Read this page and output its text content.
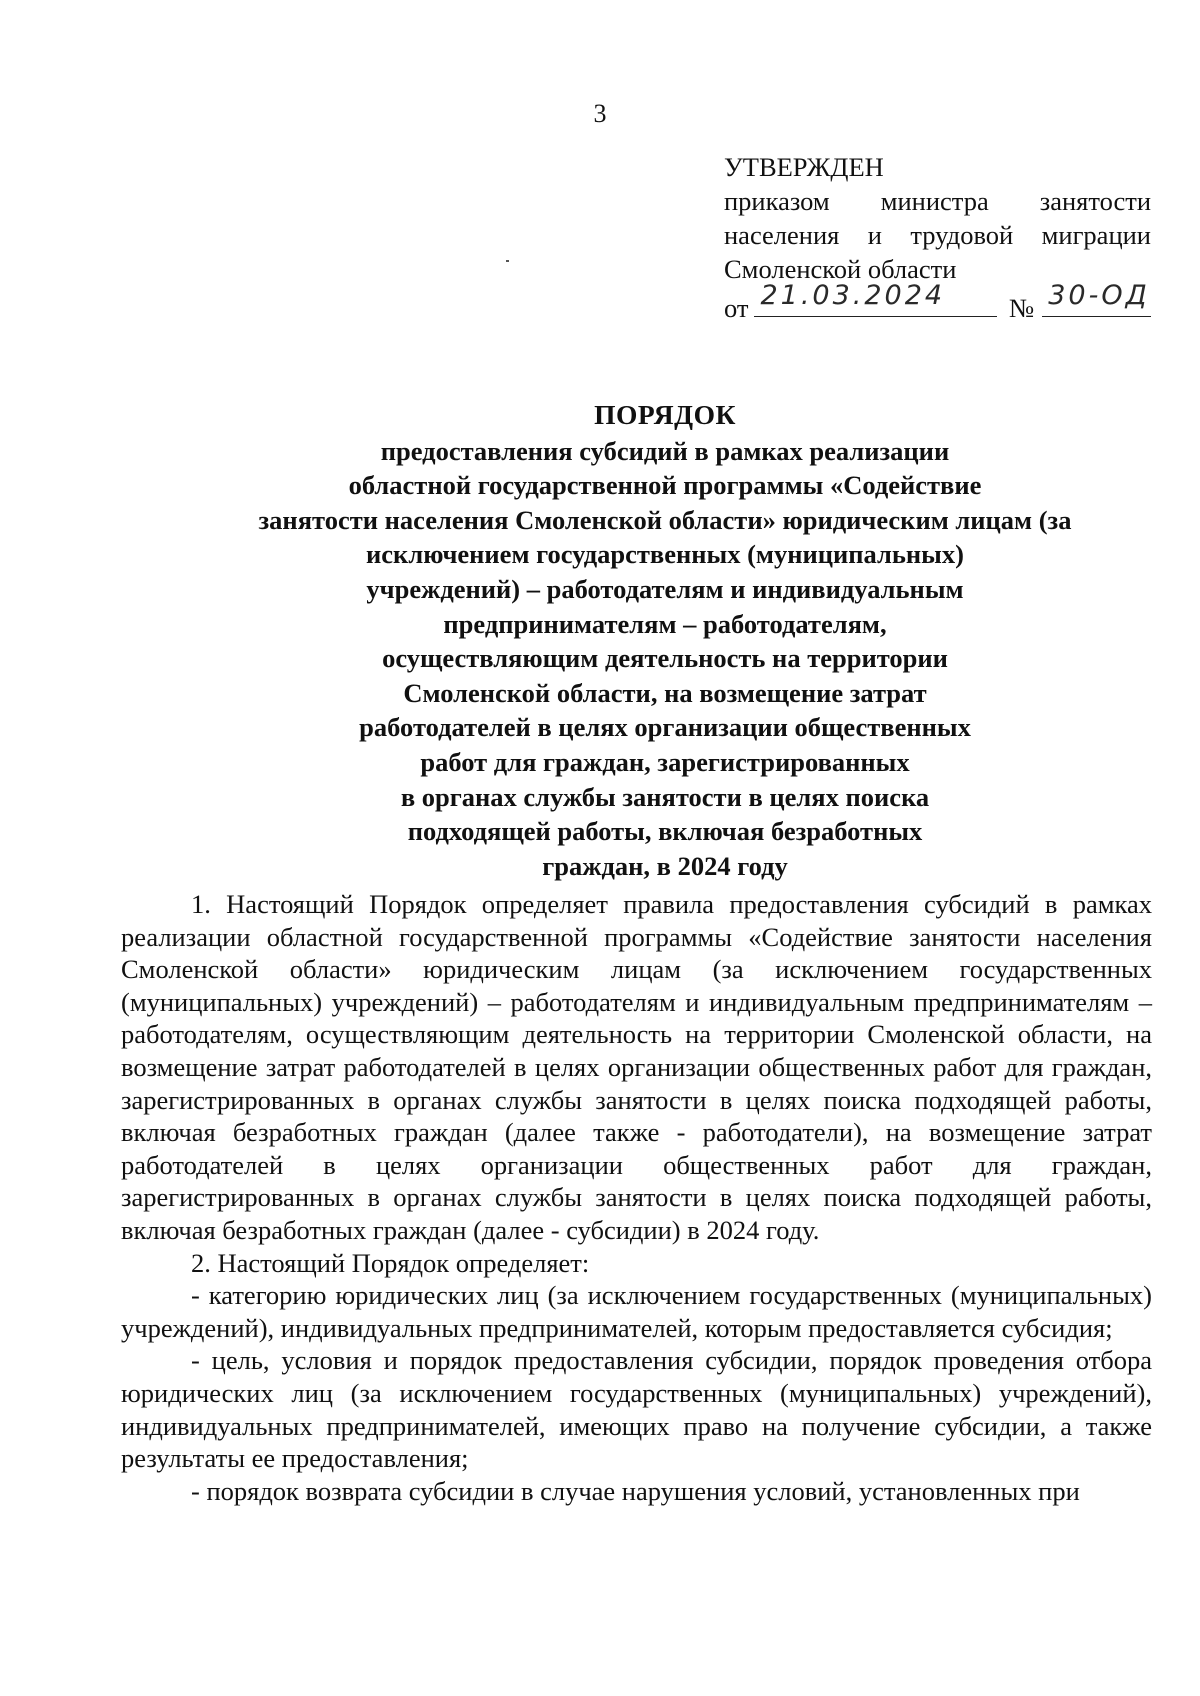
3
УТВЕРЖДЕН
приказом министра занятости
населения и трудовой миграции
Смоленской области
от 21.03.2024 № 30-ОД
ПОРЯДОК
предоставления субсидий в рамках реализации
областной государственной программы «Содействие
занятости населения Смоленской области» юридическим лицам (за
исключением государственных (муниципальных)
учреждений) – работодателям и индивидуальным
предпринимателям – работодателям,
осуществляющим деятельность на территории
Смоленской области, на возмещение затрат
работодателей в целях организации общественных
работ для граждан, зарегистрированных
в органах службы занятости в целях поиска
подходящей работы, включая безработных
граждан, в 2024 году

1. Настоящий Порядок определяет правила предоставления субсидий в рамках реализации областной государственной программы «Содействие занятости населения Смоленской области» юридическим лицам (за исключением государственных (муниципальных) учреждений) – работодателям и индивидуальным предпринимателям – работодателям, осуществляющим деятельность на территории Смоленской области, на возмещение затрат работодателей в целях организации общественных работ для граждан, зарегистрированных в органах службы занятости в целях поиска подходящей работы, включая безработных граждан (далее также - работодатели), на возмещение затрат работодателей в целях организации общественных работ для граждан, зарегистрированных в органах службы занятости в целях поиска подходящей работы, включая безработных граждан (далее - субсидии) в 2024 году.

2. Настоящий Порядок определяет:

- категорию юридических лиц (за исключением государственных (муниципальных) учреждений), индивидуальных предпринимателей, которым предоставляется субсидия;

- цель, условия и порядок предоставления субсидии, порядок проведения отбора юридических лиц (за исключением государственных (муниципальных) учреждений), индивидуальных предпринимателей, имеющих право на получение субсидии, а также результаты ее предоставления;

- порядок возврата субсидии в случае нарушения условий, установленных при
